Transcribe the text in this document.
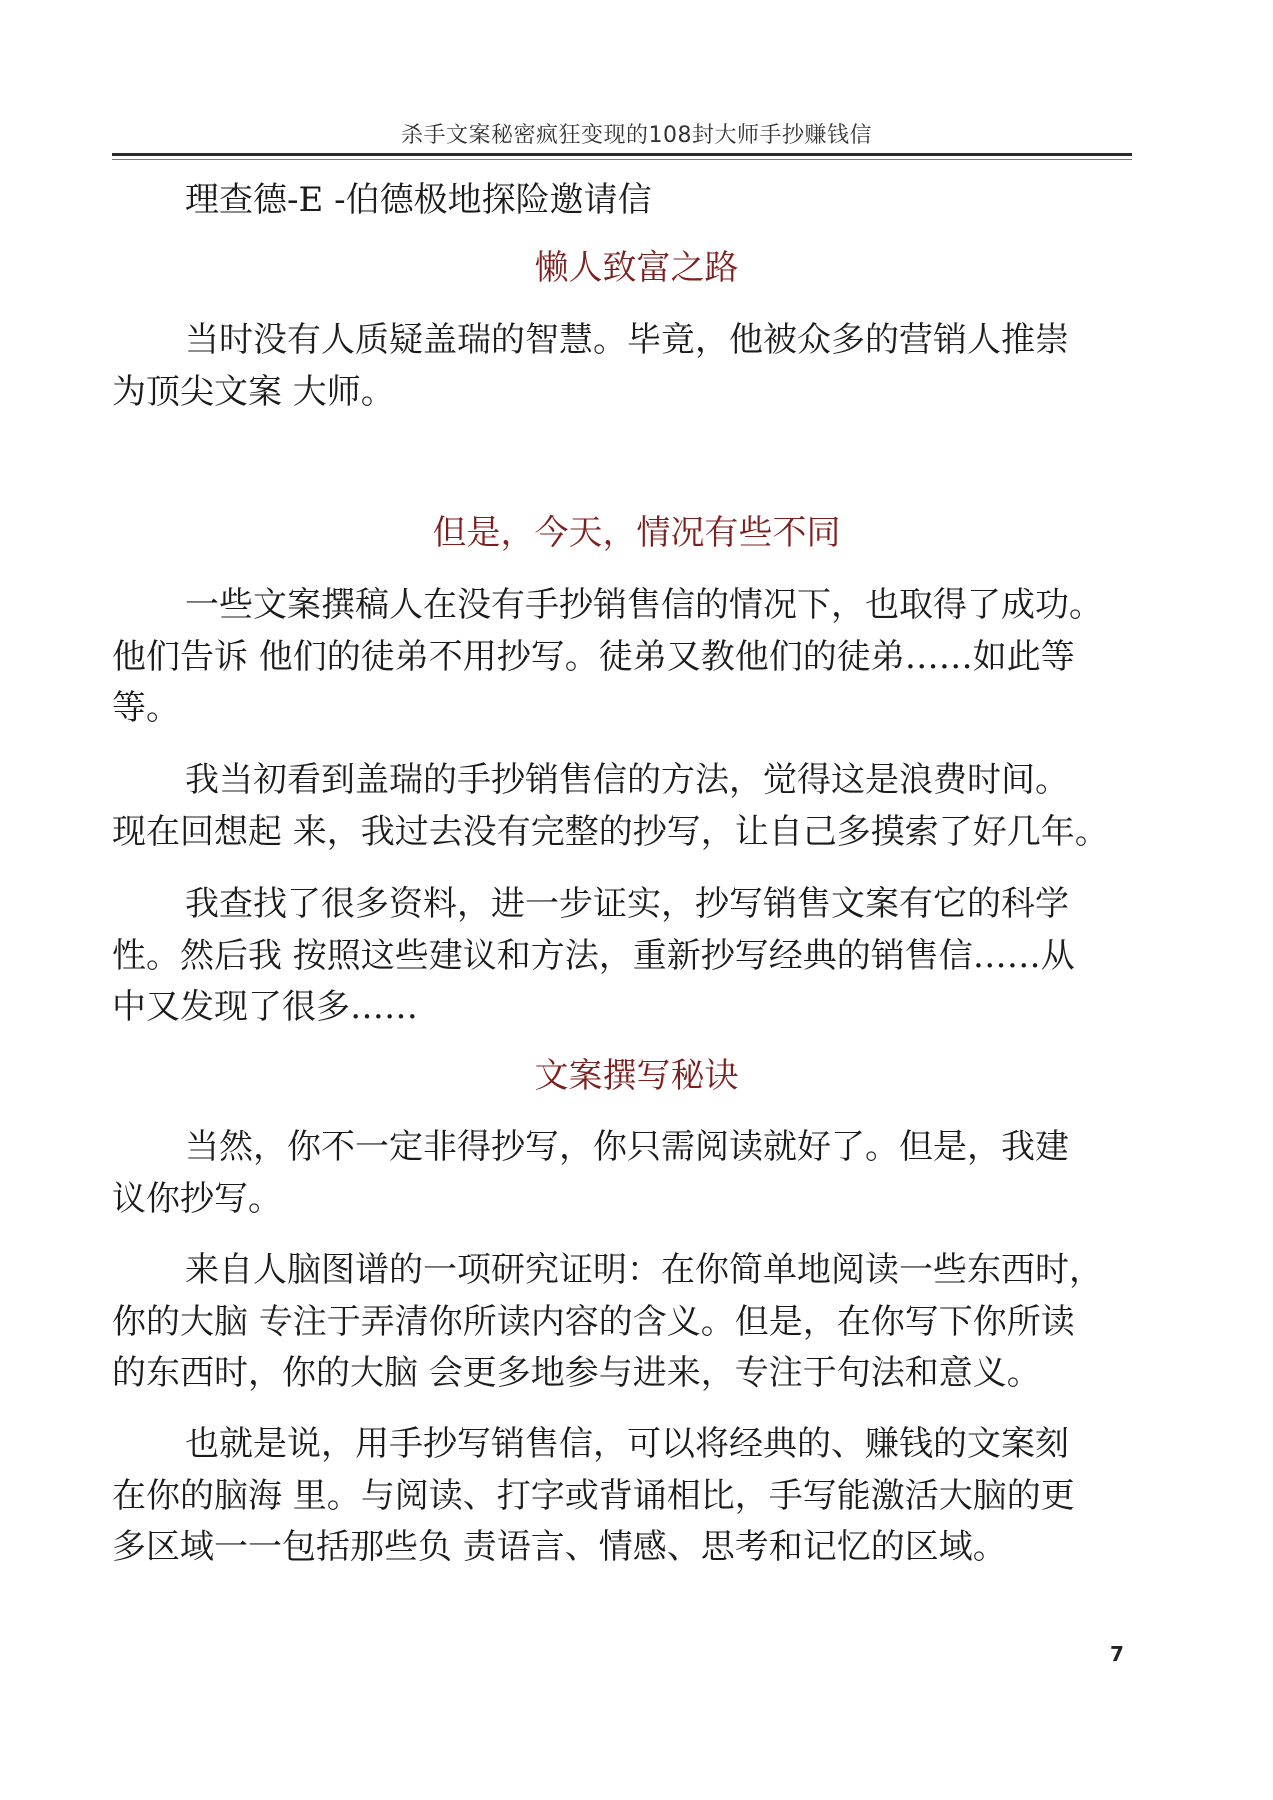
杀手文案秘密疯狂变现的108封大师手抄赚钱信
理查德-E -伯德极地探险邀请信
懒人致富之路
当时没有人质疑盖瑞的智慧。毕竟，他被众多的营销人推崇
为顶尖文案 大师。
但是，今天，情况有些不同
一些文案撰稿人在没有手抄销售信的情况下，也取得了成功。
他们告诉 他们的徒弟不用抄写。徒弟又教他们的徒弟……如此等
等。
我当初看到盖瑞的手抄销售信的方法，觉得这是浪费时间。
现在回想起 来，我过去没有完整的抄写，让自己多摸索了好几年。
我查找了很多资料，进一步证实，抄写销售文案有它的科学
性。然后我 按照这些建议和方法，重新抄写经典的销售信……从
中又发现了很多……
文案撰写秘诀
当然，你不一定非得抄写，你只需阅读就好了。但是，我建
议你抄写。
来自人脑图谱的一项研究证明：在你简单地阅读一些东西时，
你的大脑 专注于弄清你所读内容的含义。但是，在你写下你所读
的东西时，你的大脑 会更多地参与进来，专注于句法和意义。
也就是说，用手抄写销售信，可以将经典的、赚钱的文案刻
在你的脑海 里。与阅读、打字或背诵相比，手写能激活大脑的更
多区域一一包括那些负 责语言、情感、思考和记忆的区域。
7
